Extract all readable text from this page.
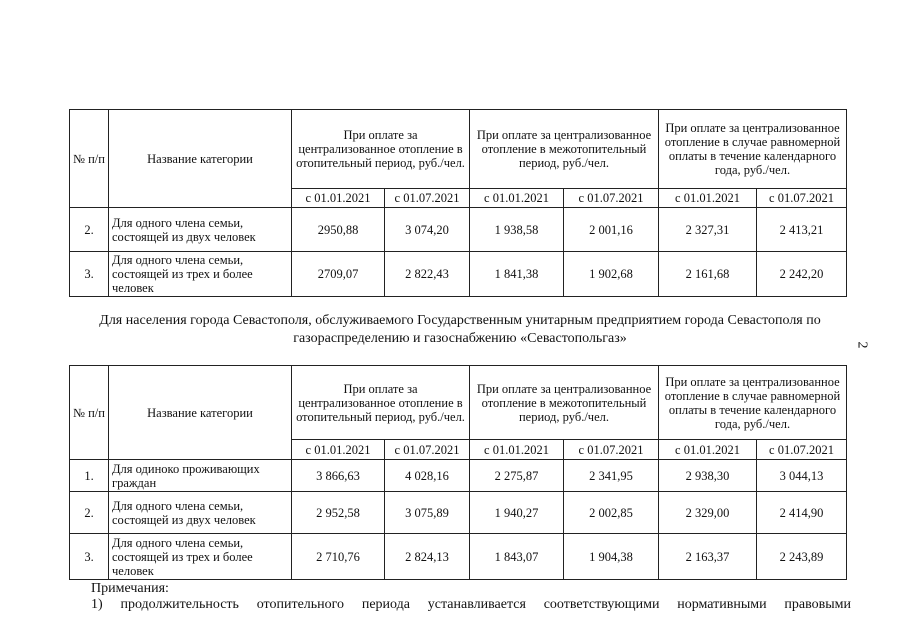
№ п/п	Название категории	При оплате за централизованное отопление в отопительный период, руб./чел.		При оплате за централизованное отопление в межотопительный период, руб./чел.		При оплате за централизованное отопление в случае равномерной оплаты в течение календарного года, руб./чел.	
		с 01.01.2021	с 01.07.2021	с 01.01.2021	с 01.07.2021	с 01.01.2021	с 01.07.2021
2.	Для одного члена семьи, состоящей из двух человек	2950,88	3 074,20	1 938,58	2 001,16	2 327,31	2 413,21
3.	Для одного члена семьи, состоящей из трех и более человек	2709,07	2 822,43	1 841,38	1 902,68	2 161,68	2 242,20
Для населения города Севастополя, обслуживаемого Государственным унитарным предприятием города Севастополя по газораспределению и газоснабжению «Севастопольгаз»	2
№ п/п	Название категории	При оплате за централизованное отопление в отопительный период, руб./чел.		При оплате за централизованное отопление в межотопительный период, руб./чел.		При оплате за централизованное отопление в случае равномерной оплаты в течение календарного года, руб./чел.	
		с 01.01.2021	с 01.07.2021	с 01.01.2021	с 01.07.2021	с 01.01.2021	с 01.07.2021
1.	Для одиноко проживающих граждан	3 866,63	4 028,16	2 275,87	2 341,95	2 938,30	3 044,13
2.	Для одного члена семьи, состоящей из двух человек	2 952,58	3 075,89	1 940,27	2 002,85	2 329,00	2 414,90
3.	Для одного члена семьи, состоящей из трех и более человек	2 710,76	2 824,13	1 843,07	1 904,38	2 163,37	2 243,89
Примечания:
1) продолжительность отопительного периода устанавливается соответствующими нормативными правовыми
